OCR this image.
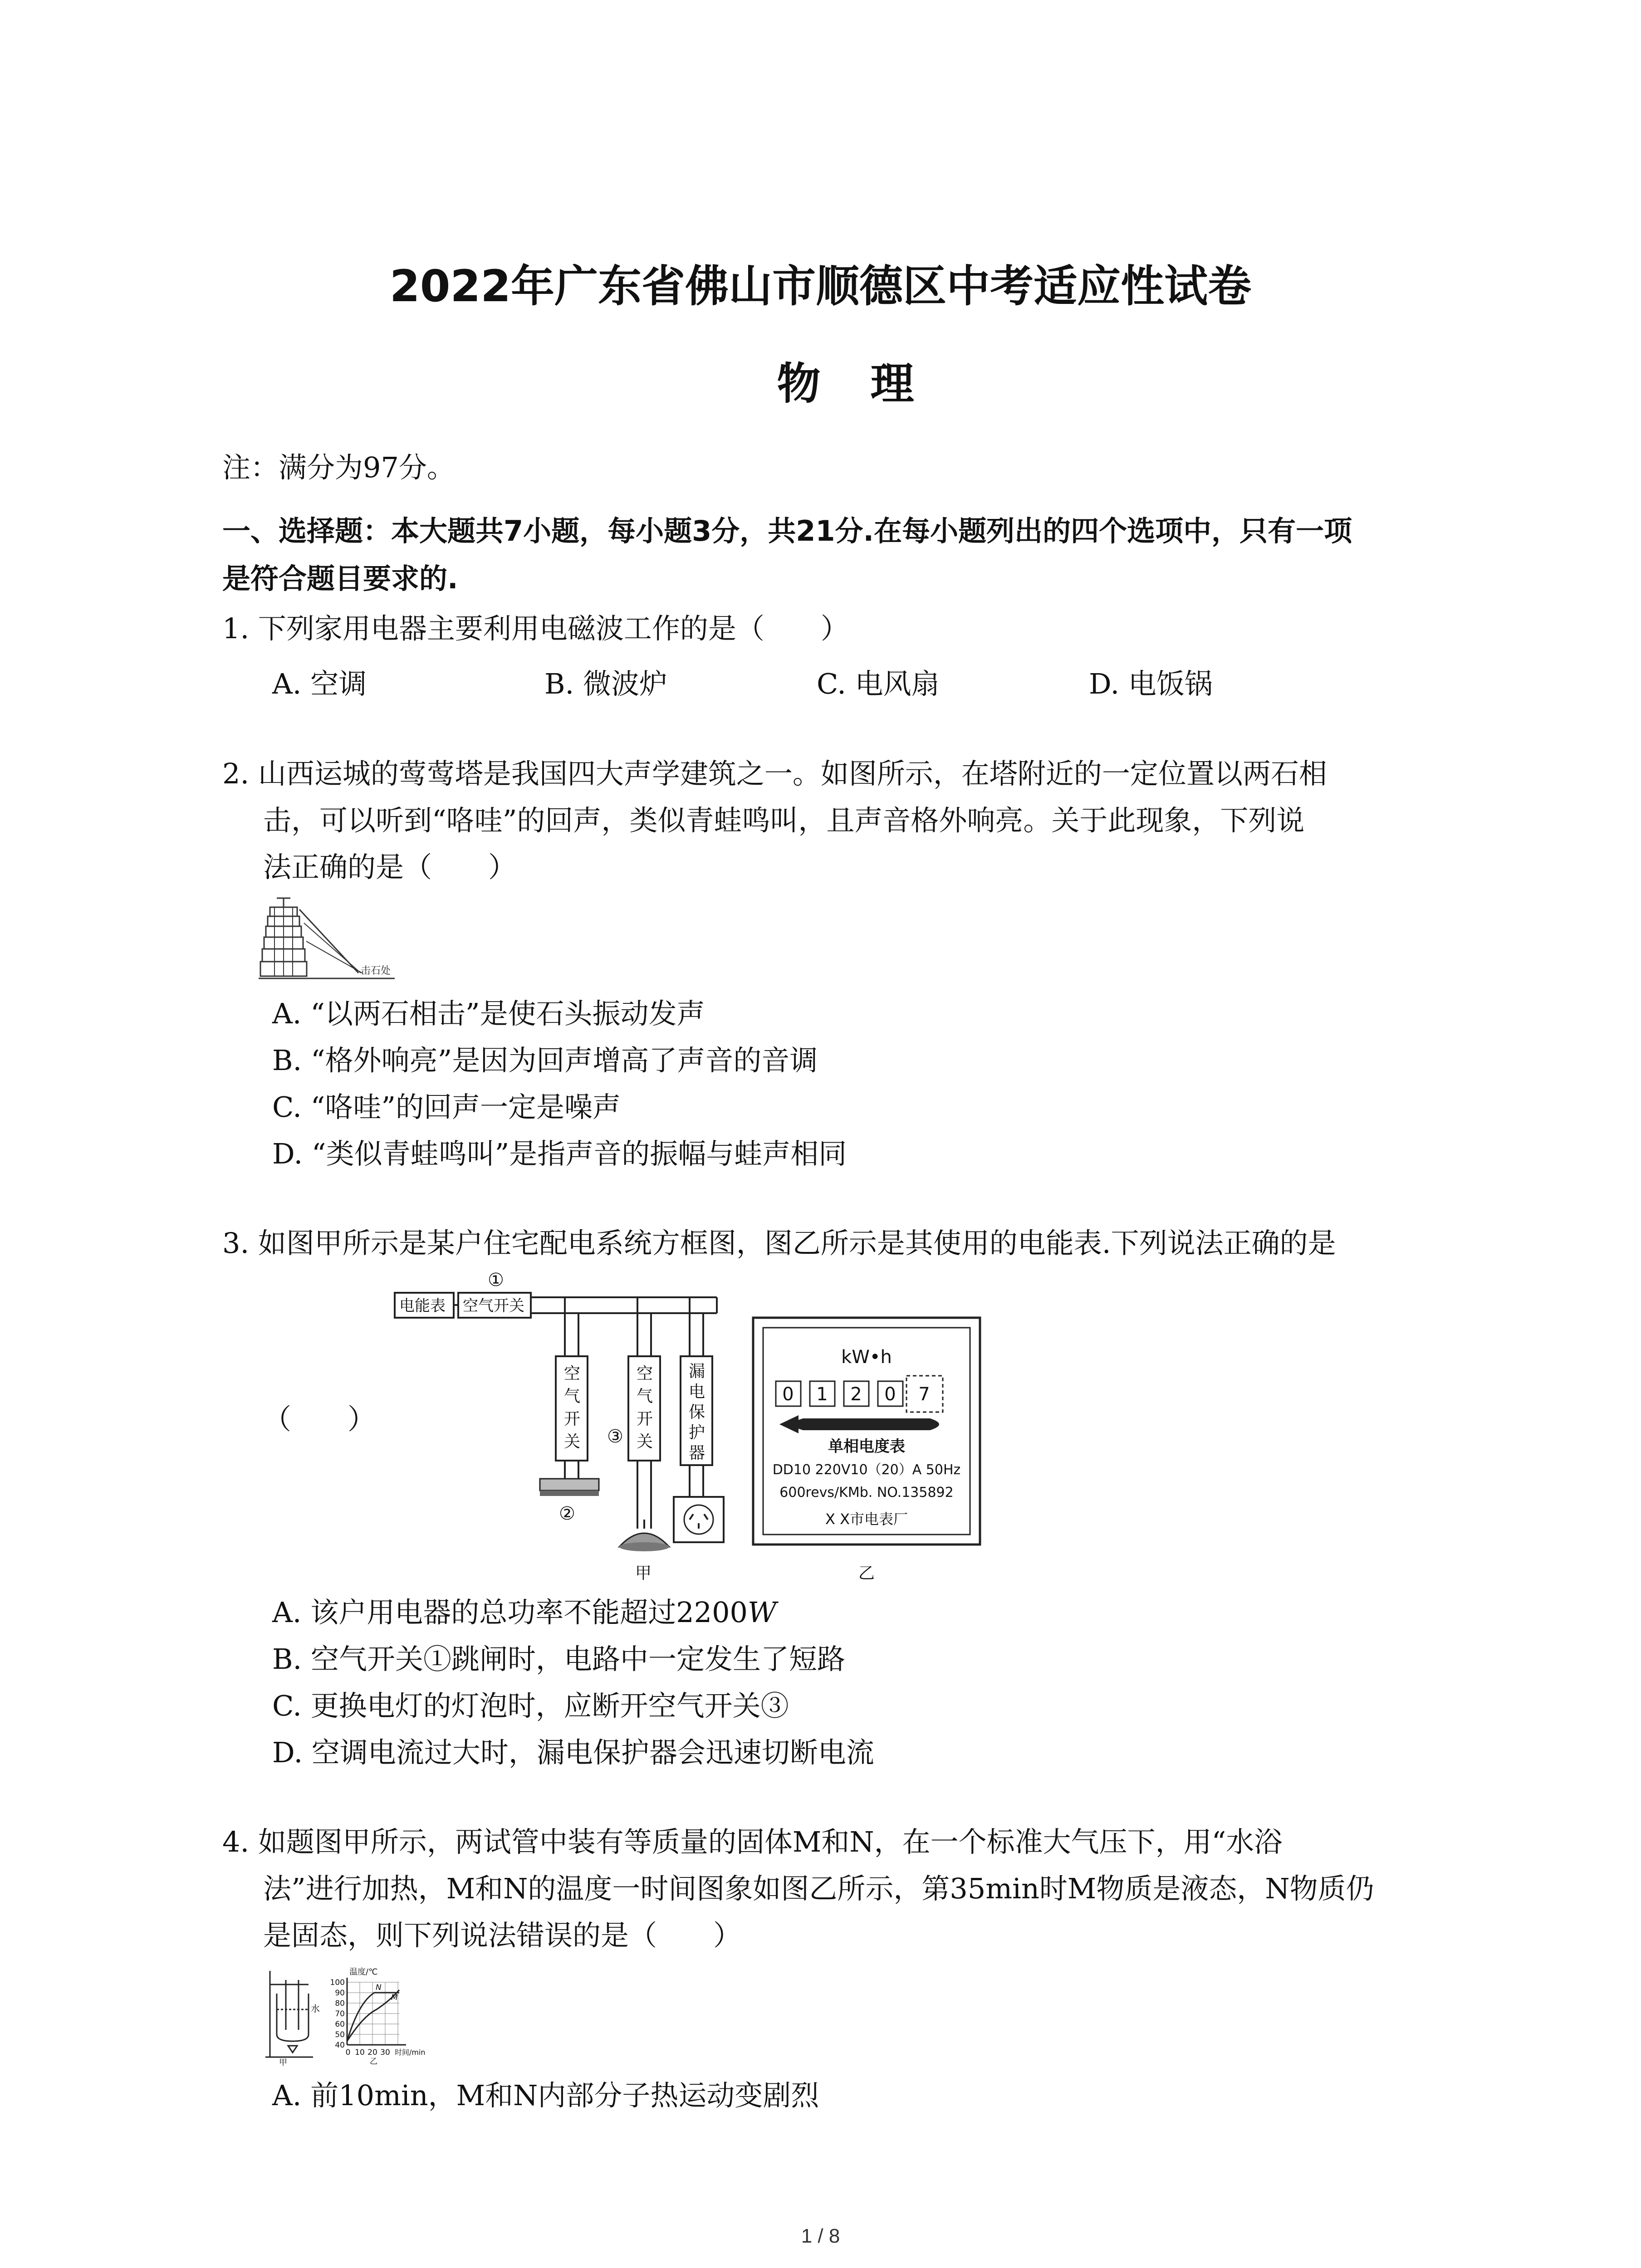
2022年广东省佛山市顺德区中考适应性试卷
物理
注：满分为97分。
一、选择题：本大题共7小题，每小题3分，共21分.在每小题列出的四个选项中，只有一项
是符合题目要求的.
1. 下列家用电器主要利用电磁波工作的是（　　）
A. 空调	B. 微波炉	C. 电风扇	D. 电饭锅
2. 山西运城的莺莺塔是我国四大声学建筑之一。如图所示，在塔附近的一定位置以两石相
击，可以听到“咯哇”的回声，类似青蛙鸣叫，且声音格外响亮。关于此现象，下列说
法正确的是（　　）
击石处
A. “以两石相击”是使石头振动发声
B. “格外响亮”是因为回声增高了声音的音调
C. “咯哇”的回声一定是噪声
D. “类似青蛙鸣叫”是指声音的振幅与蛙声相同
3. 如图甲所示是某户住宅配电系统方框图，图乙所示是其使用的电能表.下列说法正确的是
（　　）
电能表 空气开关
①
②
③
空
气
开
关
空
气
开
关
漏
电
保
护
器
甲
kW•h
0 1 2 0 7
单相电度表
DD10 220V10（20）A 50Hz
600revs/KMb. NO.135892
X X市电表厂
乙
A. 该户用电器的总功率不能超过2200W
B. 空气开关①跳闸时，电路中一定发生了短路
C. 更换电灯的灯泡时，应断开空气开关③
D. 空调电流过大时，漏电保护器会迅速切断电流
4. 如题图甲所示，两试管中装有等质量的固体M和N，在一个标准大气压下，用“水浴
法”进行加热，M和N的温度一时间图象如图乙所示，第35min时M物质是液态，N物质仍
是固态，则下列说法错误的是（　　）
水
甲
温度/℃
100
90
80
70
60
50
40
0 10 20 30 时间/min
N
M
乙
A. 前10min，M和N内部分子热运动变剧烈
1 / 8
